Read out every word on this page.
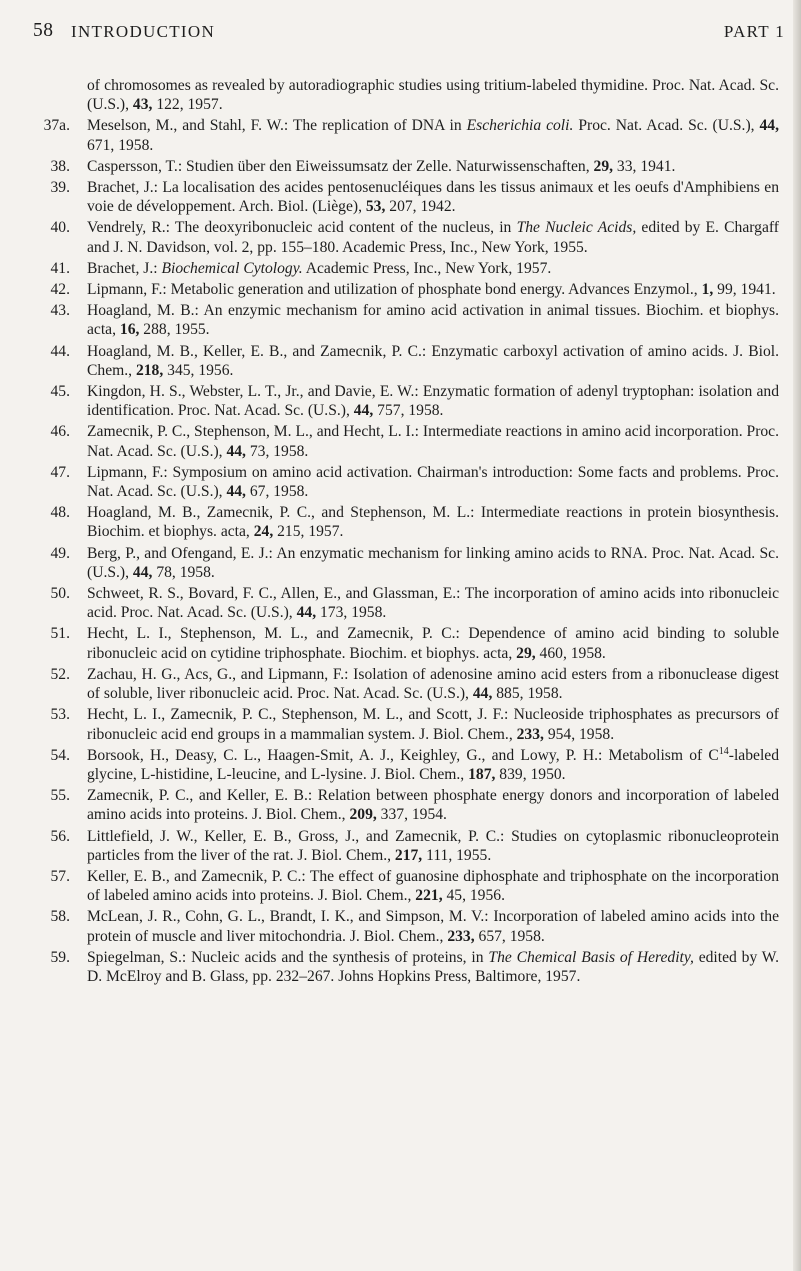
58 INTRODUCTION	PART 1

of chromosomes as revealed by autoradiographic studies using tritium-labeled thymidine. Proc. Nat. Acad. Sc. (U.S.), 43, 122, 1957.

37a. Meselson, M., and Stahl, F. W.: The replication of DNA in Escherichia coli. Proc. Nat. Acad. Sc. (U.S.), 44, 671, 1958.

38. Caspersson, T.: Studien über den Eiweissumsatz der Zelle. Naturwissenschaften, 29, 33, 1941.

39. Brachet, J.: La localisation des acides pentosenucléiques dans les tissus animaux et les oeufs d'Amphibiens en voie de développement. Arch. Biol. (Liège), 53, 207, 1942.

40. Vendrely, R.: The deoxyribonucleic acid content of the nucleus, in The Nucleic Acids, edited by E. Chargaff and J. N. Davidson, vol. 2, pp. 155–180. Academic Press, Inc., New York, 1955.

41. Brachet, J.: Biochemical Cytology. Academic Press, Inc., New York, 1957.

42. Lipmann, F.: Metabolic generation and utilization of phosphate bond energy. Advances Enzymol., 1, 99, 1941.

43. Hoagland, M. B.: An enzymic mechanism for amino acid activation in animal tissues. Biochim. et biophys. acta, 16, 288, 1955.

44. Hoagland, M. B., Keller, E. B., and Zamecnik, P. C.: Enzymatic carboxyl activation of amino acids. J. Biol. Chem., 218, 345, 1956.

45. Kingdon, H. S., Webster, L. T., Jr., and Davie, E. W.: Enzymatic formation of adenyl tryptophan: isolation and identification. Proc. Nat. Acad. Sc. (U.S.), 44, 757, 1958.

46. Zamecnik, P. C., Stephenson, M. L., and Hecht, L. I.: Intermediate reactions in amino acid incorporation. Proc. Nat. Acad. Sc. (U.S.), 44, 73, 1958.

47. Lipmann, F.: Symposium on amino acid activation. Chairman's introduction: Some facts and problems. Proc. Nat. Acad. Sc. (U.S.), 44, 67, 1958.

48. Hoagland, M. B., Zamecnik, P. C., and Stephenson, M. L.: Intermediate reactions in protein biosynthesis. Biochim. et biophys. acta, 24, 215, 1957.

49. Berg, P., and Ofengand, E. J.: An enzymatic mechanism for linking amino acids to RNA. Proc. Nat. Acad. Sc. (U.S.), 44, 78, 1958.

50. Schweet, R. S., Bovard, F. C., Allen, E., and Glassman, E.: The incorporation of amino acids into ribonucleic acid. Proc. Nat. Acad. Sc. (U.S.), 44, 173, 1958.

51. Hecht, L. I., Stephenson, M. L., and Zamecnik, P. C.: Dependence of amino acid binding to soluble ribonucleic acid on cytidine triphosphate. Biochim. et biophys. acta, 29, 460, 1958.

52. Zachau, H. G., Acs, G., and Lipmann, F.: Isolation of adenosine amino acid esters from a ribonuclease digest of soluble, liver ribonucleic acid. Proc. Nat. Acad. Sc. (U.S.), 44, 885, 1958.

53. Hecht, L. I., Zamecnik, P. C., Stephenson, M. L., and Scott, J. F.: Nucleoside triphosphates as precursors of ribonucleic acid end groups in a mammalian system. J. Biol. Chem., 233, 954, 1958.

54. Borsook, H., Deasy, C. L., Haagen-Smit, A. J., Keighley, G., and Lowy, P. H.: Metabolism of $C^{14}$-labeled glycine, L-histidine, L-leucine, and L-lysine. J. Biol. Chem., 187, 839, 1950.

55. Zamecnik, P. C., and Keller, E. B.: Relation between phosphate energy donors and incorporation of labeled amino acids into proteins. J. Biol. Chem., 209, 337, 1954.

56. Littlefield, J. W., Keller, E. B., Gross, J., and Zamecnik, P. C.: Studies on cytoplasmic ribonucleoprotein particles from the liver of the rat. J. Biol. Chem., 217, 111, 1955.

57. Keller, E. B., and Zamecnik, P. C.: The effect of guanosine diphosphate and triphosphate on the incorporation of labeled amino acids into proteins. J. Biol. Chem., 221, 45, 1956.

58. McLean, J. R., Cohn, G. L., Brandt, I. K., and Simpson, M. V.: Incorporation of labeled amino acids into the protein of muscle and liver mitochondria. J. Biol. Chem., 233, 657, 1958.

59. Spiegelman, S.: Nucleic acids and the synthesis of proteins, in The Chemical Basis of Heredity, edited by W. D. McElroy and B. Glass, pp. 232–267. Johns Hopkins Press, Baltimore, 1957.
